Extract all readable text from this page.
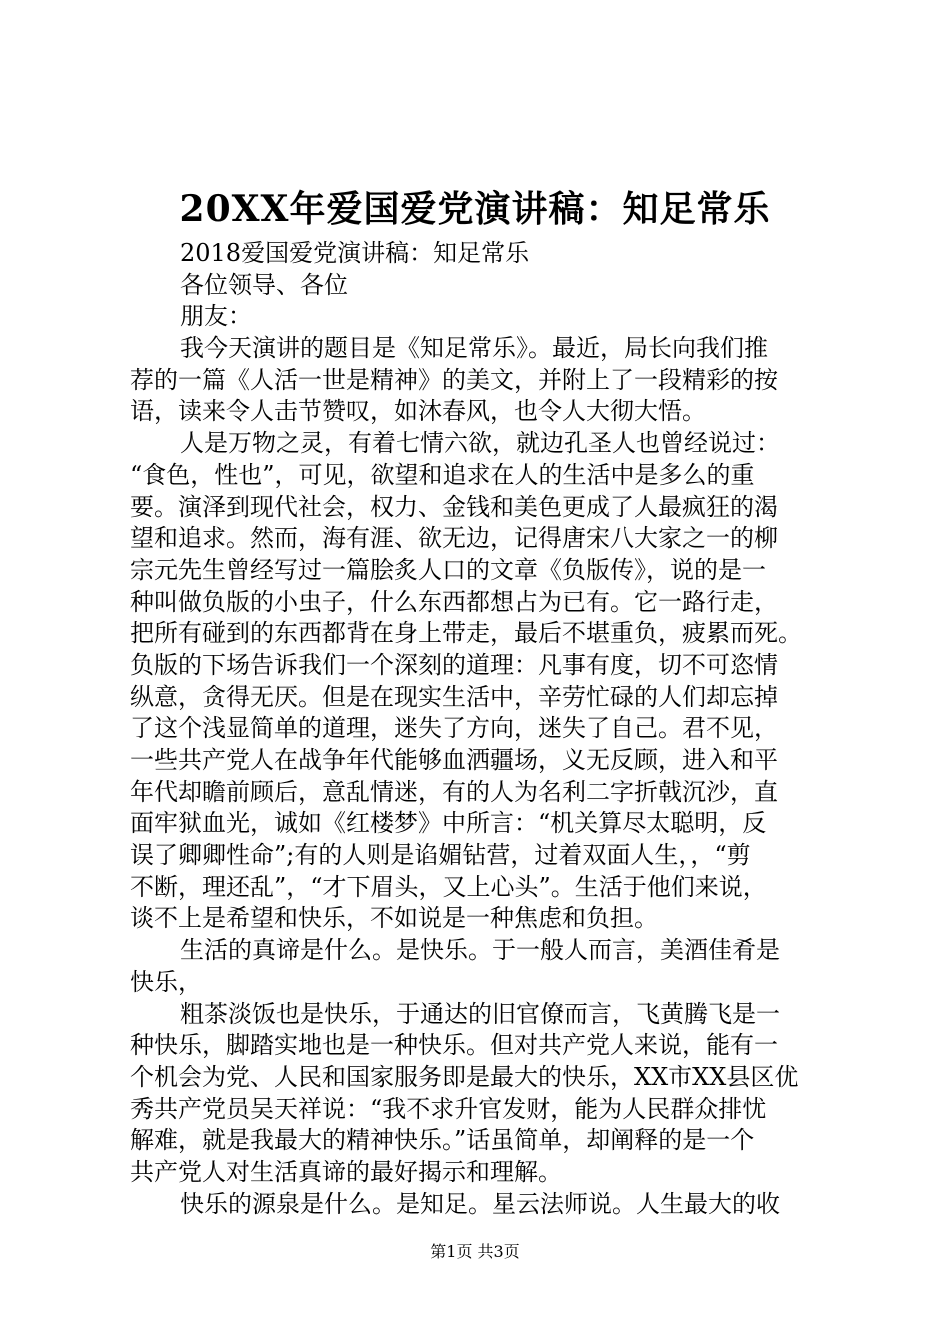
20XX年爱国爱党演讲稿：知足常乐
2018爱国爱党演讲稿：知足常乐
各位领导、各位
朋友：
我今天演讲的题目是《知足常乐》。最近，局长向我们推
荐的一篇《人活一世是精神》的美文，并附上了一段精彩的按
语，读来令人击节赞叹，如沐春风，也令人大彻大悟。
人是万物之灵，有着七情六欲，就边孔圣人也曾经说过：
“食色，性也”，可见，欲望和追求在人的生活中是多么的重
要。演泽到现代社会，权力、金钱和美色更成了人最疯狂的渴
望和追求。然而，海有涯、欲无边，记得唐宋八大家之一的柳
宗元先生曾经写过一篇脍炙人口的文章《负版传》，说的是一
种叫做负版的小虫子，什么东西都想占为已有。它一路行走，
把所有碰到的东西都背在身上带走，最后不堪重负，疲累而死。
负版的下场告诉我们一个深刻的道理：凡事有度，切不可恣情
纵意，贪得无厌。但是在现实生活中，辛劳忙碌的人们却忘掉
了这个浅显简单的道理，迷失了方向，迷失了自己。君不见，
一些共产党人在战争年代能够血洒疆场，义无反顾，进入和平
年代却瞻前顾后，意乱情迷，有的人为名利二字折戟沉沙，直
面牢狱血光，诚如《红楼梦》中所言：“机关算尽太聪明，反
误了卿卿性命”;有的人则是谄媚钻营，过着双面人生，，“剪
不断，理还乱”，“才下眉头，又上心头”。生活于他们来说，
谈不上是希望和快乐，不如说是一种焦虑和负担。
生活的真谛是什么。是快乐。于一般人而言，美酒佳肴是
快乐，
粗茶淡饭也是快乐，于通达的旧官僚而言，飞黄腾飞是一
种快乐，脚踏实地也是一种快乐。但对共产党人来说，能有一
个机会为党、人民和国家服务即是最大的快乐，XX市XX县区优
秀共产党员吴天祥说：“我不求升官发财，能为人民群众排忧
解难，就是我最大的精神快乐。”话虽简单，却阐释的是一个
共产党人对生活真谛的最好揭示和理解。
快乐的源泉是什么。是知足。星云法师说。人生最大的收
第1页 共3页
